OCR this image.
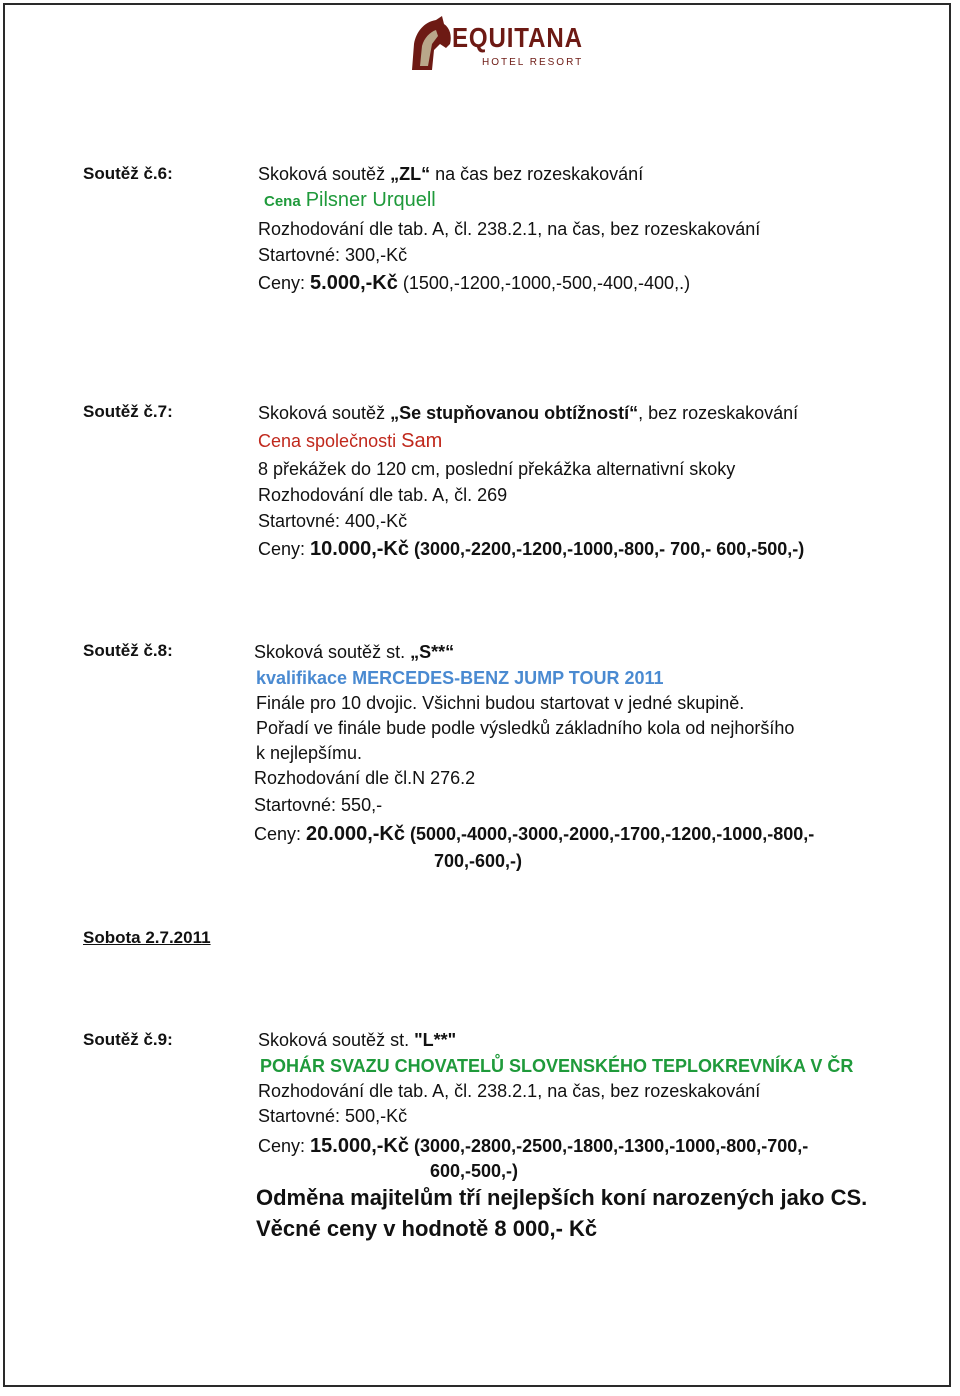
EQUITANA
HOTEL RESORT
Soutěž č.6:	Skoková soutěž „ZL“ na čas bez rozeskakování
Cena Pilsner Urquell
Rozhodování dle tab. A, čl. 238.2.1, na čas, bez rozeskakování
Startovné: 300,-Kč
Ceny: 5.000,-Kč (1500,-1200,-1000,-500,-400,-400,.)
Soutěž č.7:	Skoková soutěž „Se stupňovanou obtížností“, bez rozeskakování
Cena společnosti Sam
8 překážek do 120 cm, poslední překážka alternativní skoky
Rozhodování dle tab. A, čl. 269
Startovné: 400,-Kč
Ceny: 10.000,-Kč (3000,-2200,-1200,-1000,-800,- 700,- 600,-500,-)
Soutěž č.8:	Skoková soutěž st. „S**“
kvalifikace MERCEDES-BENZ JUMP TOUR 2011
Finále pro 10 dvojic. Všichni budou startovat v jedné skupině.
Pořadí ve finále bude podle výsledků základního kola od nejhoršího
k nejlepšímu.
Rozhodování dle čl.N 276.2
Startovné: 550,-
Ceny: 20.000,-Kč (5000,-4000,-3000,-2000,-1700,-1200,-1000,-800,-
700,-600,-)
Sobota 2.7.2011
Soutěž č.9:	Skoková soutěž st. "L**"
POHÁR SVAZU CHOVATELŮ SLOVENSKÉHO TEPLOKREVNÍKA V ČR
Rozhodování dle tab. A, čl. 238.2.1, na čas, bez rozeskakování
Startovné: 500,-Kč
Ceny: 15.000,-Kč (3000,-2800,-2500,-1800,-1300,-1000,-800,-700,-
600,-500,-)
Odměna majitelům tří nejlepších koní narozených jako CS.
Věcné ceny v hodnotě 8 000,- Kč
